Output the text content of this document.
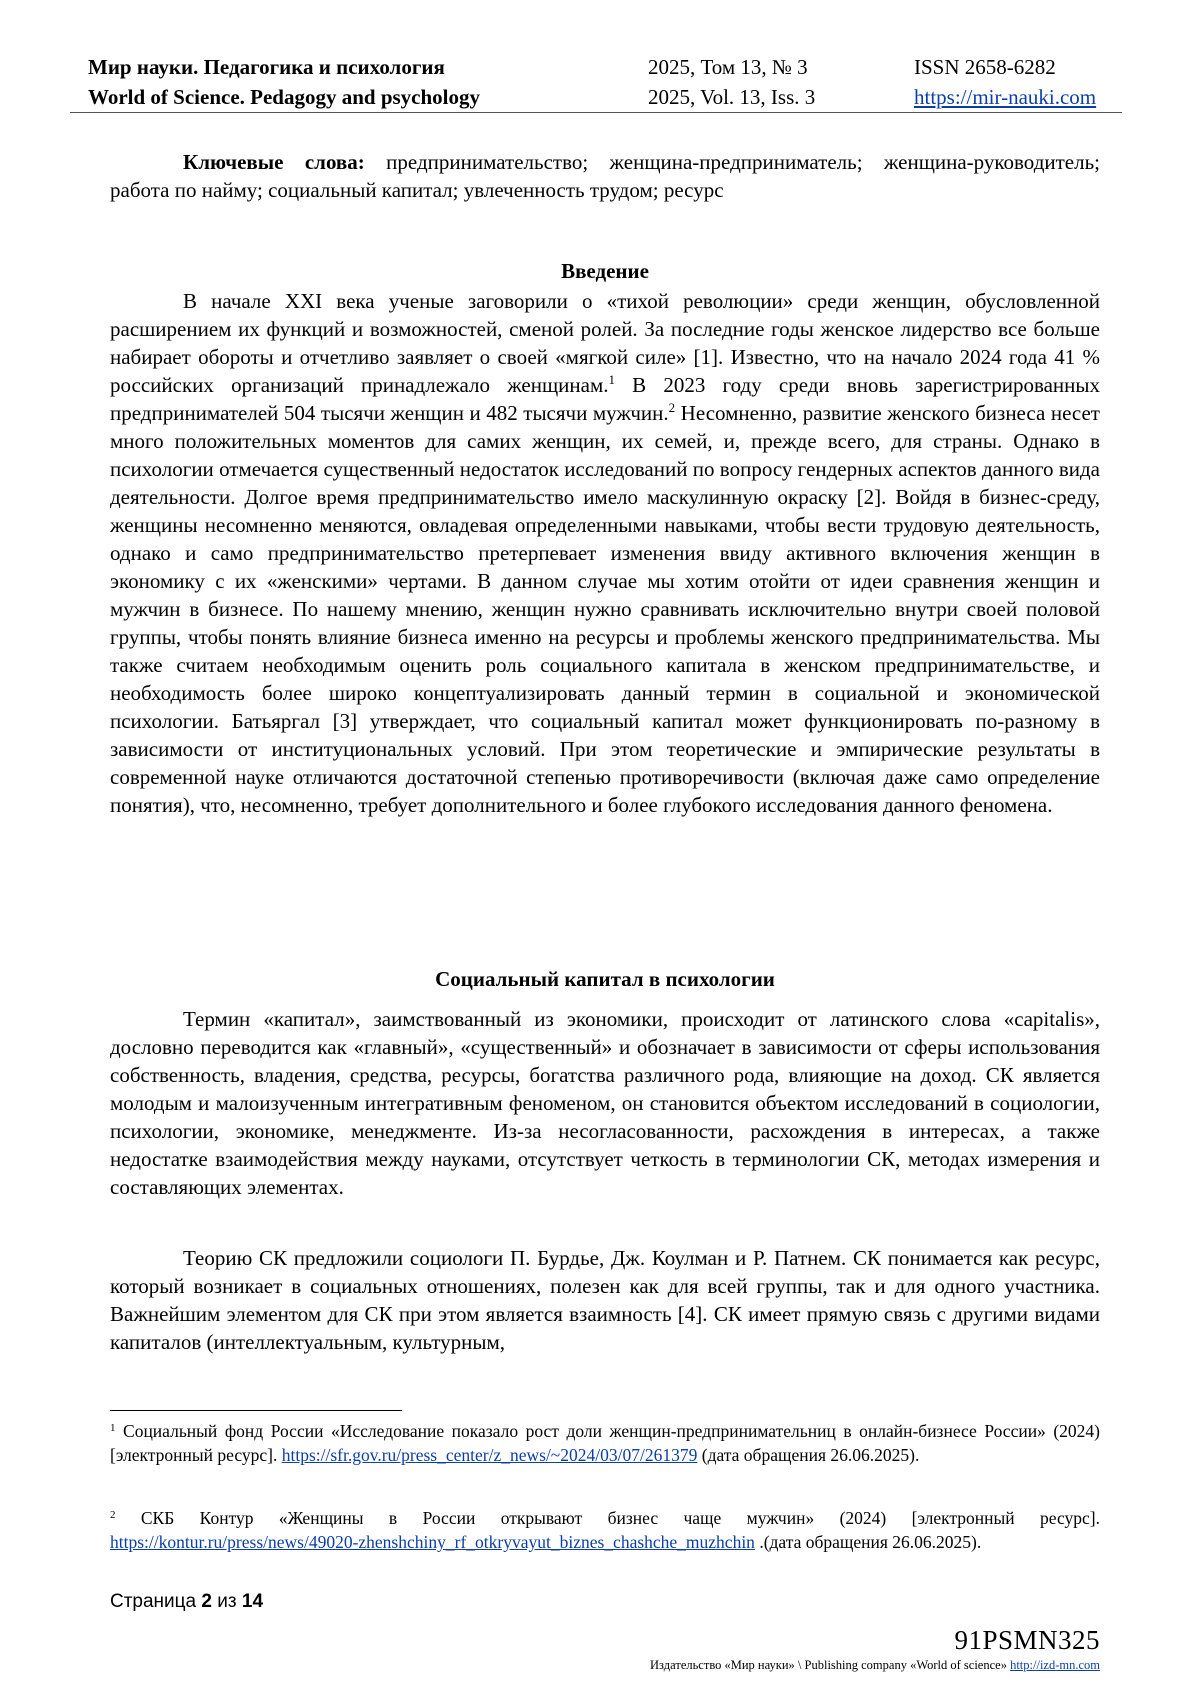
Мир науки. Педагогика и психология
World of Science. Pedagogy and psychology
2025, Том 13, № 3
2025, Vol. 13, Iss. 3
ISSN 2658-6282
https://mir-nauki.com
Ключевые слова: предпринимательство; женщина-предприниматель; женщина-руководитель; работа по найму; социальный капитал; увлеченность трудом; ресурс
Введение
В начале XXI века ученые заговорили о «тихой революции» среди женщин, обусловленной расширением их функций и возможностей, сменой ролей. За последние годы женское лидерство все больше набирает обороты и отчетливо заявляет о своей «мягкой силе» [1]. Известно, что на начало 2024 года 41 % российских организаций принадлежало женщинам.$^1$ В 2023 году среди вновь зарегистрированных предпринимателей 504 тысячи женщин и 482 тысячи мужчин.$^2$ Несомненно, развитие женского бизнеса несет много положительных моментов для самих женщин, их семей, и, прежде всего, для страны. Однако в психологии отмечается существенный недостаток исследований по вопросу гендерных аспектов данного вида деятельности. Долгое время предпринимательство имело маскулинную окраску [2]. Войдя в бизнес-среду, женщины несомненно меняются, овладевая определенными навыками, чтобы вести трудовую деятельность, однако и само предпринимательство претерпевает изменения ввиду активного включения женщин в экономику с их «женскими» чертами. В данном случае мы хотим отойти от идеи сравнения женщин и мужчин в бизнесе. По нашему мнению, женщин нужно сравнивать исключительно внутри своей половой группы, чтобы понять влияние бизнеса именно на ресурсы и проблемы женского предпринимательства. Мы также считаем необходимым оценить роль социального капитала в женском предпринимательстве, и необходимость более широко концептуализировать данный термин в социальной и экономической психологии. Батьяргал [3] утверждает, что социальный капитал может функционировать по-разному в зависимости от институциональных условий. При этом теоретические и эмпирические результаты в современной науке отличаются достаточной степенью противоречивости (включая даже само определение понятия), что, несомненно, требует дополнительного и более глубокого исследования данного феномена.
Социальный капитал в психологии
Термин «капитал», заимствованный из экономики, происходит от латинского слова «capitalis», дословно переводится как «главный», «существенный» и обозначает в зависимости от сферы использования собственность, владения, средства, ресурсы, богатства различного рода, влияющие на доход. СК является молодым и малоизученным интегративным феноменом, он становится объектом исследований в социологии, психологии, экономике, менеджменте. Из-за несогласованности, расхождения в интересах, а также недостатке взаимодействия между науками, отсутствует четкость в терминологии СК, методах измерения и составляющих элементах.
Теорию СК предложили социологи П. Бурдье, Дж. Коулман и Р. Патнем. СК понимается как ресурс, который возникает в социальных отношениях, полезен как для всей группы, так и для одного участника. Важнейшим элементом для СК при этом является взаимность [4]. СК имеет прямую связь с другими видами капиталов (интеллектуальным, культурным,
$^1$ Социальный фонд России «Исследование показало рост доли женщин-предпринимательниц в онлайн-бизнесе России» (2024) [электронный ресурс]. https://sfr.gov.ru/press_center/z_news/~2024/03/07/261379 (дата обращения 26.06.2025).
$^2$ СКБ Контур «Женщины в России открывают бизнес чаще мужчин» (2024) [электронный ресурс]. https://kontur.ru/press/news/49020-zhenshchiny_rf_otkryvayut_biznes_chashche_muzhchin .(дата обращения 26.06.2025).
Страница 2 из 14
91PSMN325
Издательство «Мир науки» \ Publishing company «World of science» http://izd-mn.com
